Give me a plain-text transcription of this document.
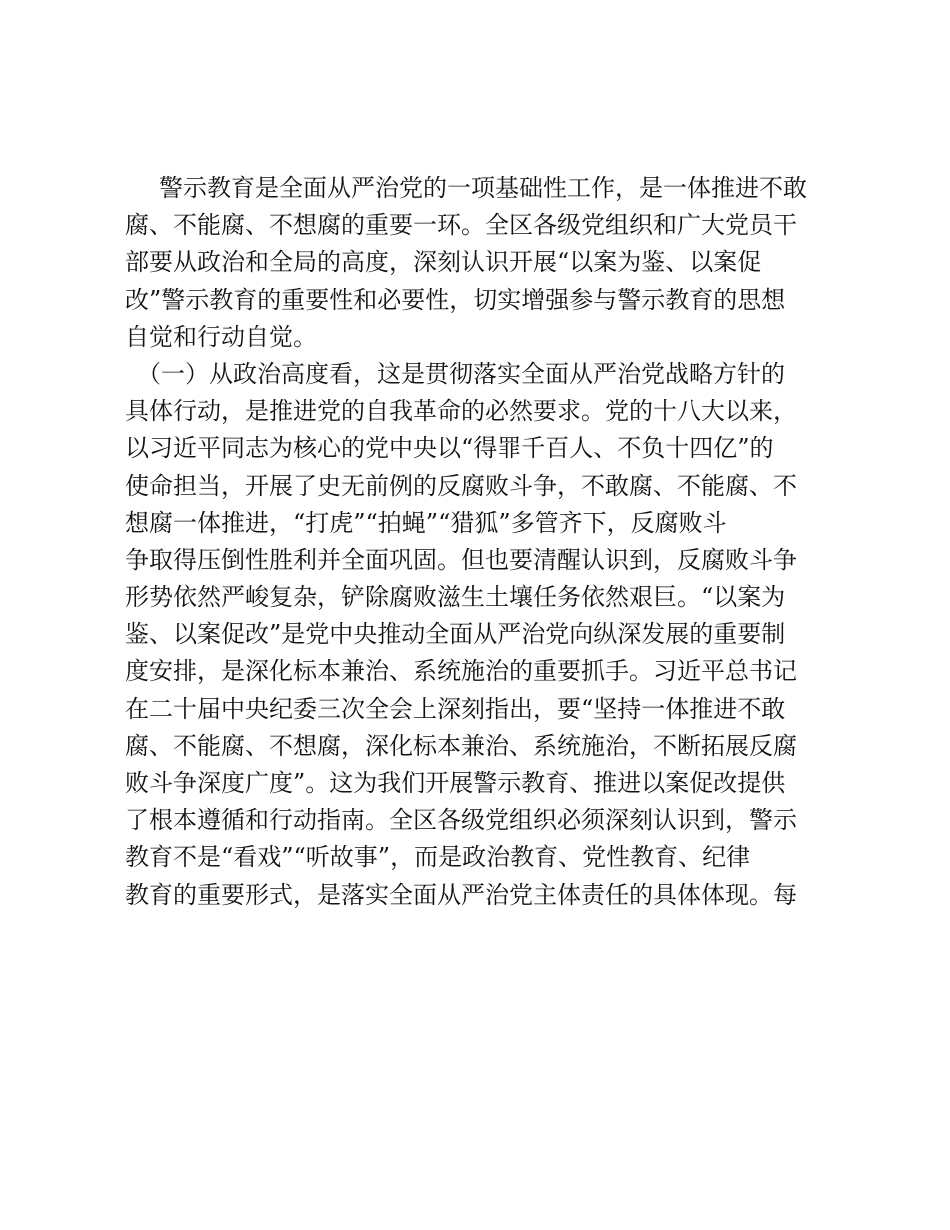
警示教育是全面从严治党的一项基础性工作，是一体推进不敢
腐、不能腐、不想腐的重要一环。全区各级党组织和广大党员干
部要从政治和全局的高度，深刻认识开展“以案为鉴、以案促
改”警示教育的重要性和必要性，切实增强参与警示教育的思想
自觉和行动自觉。
（一）从政治高度看，这是贯彻落实全面从严治党战略方针的
具体行动，是推进党的自我革命的必然要求。党的十八大以来，
以习近平同志为核心的党中央以“得罪千百人、不负十四亿”的
使命担当，开展了史无前例的反腐败斗争，不敢腐、不能腐、不
想腐一体推进，“打虎”“拍蝇”“猎狐”多管齐下，反腐败斗
争取得压倒性胜利并全面巩固。但也要清醒认识到，反腐败斗争
形势依然严峻复杂，铲除腐败滋生土壤任务依然艰巨。“以案为
鉴、以案促改”是党中央推动全面从严治党向纵深发展的重要制
度安排，是深化标本兼治、系统施治的重要抓手。习近平总书记
在二十届中央纪委三次全会上深刻指出，要“坚持一体推进不敢
腐、不能腐、不想腐，深化标本兼治、系统施治，不断拓展反腐
败斗争深度广度”。这为我们开展警示教育、推进以案促改提供
了根本遵循和行动指南。全区各级党组织必须深刻认识到，警示
教育不是“看戏”“听故事”，而是政治教育、党性教育、纪律
教育的重要形式，是落实全面从严治党主体责任的具体体现。每
